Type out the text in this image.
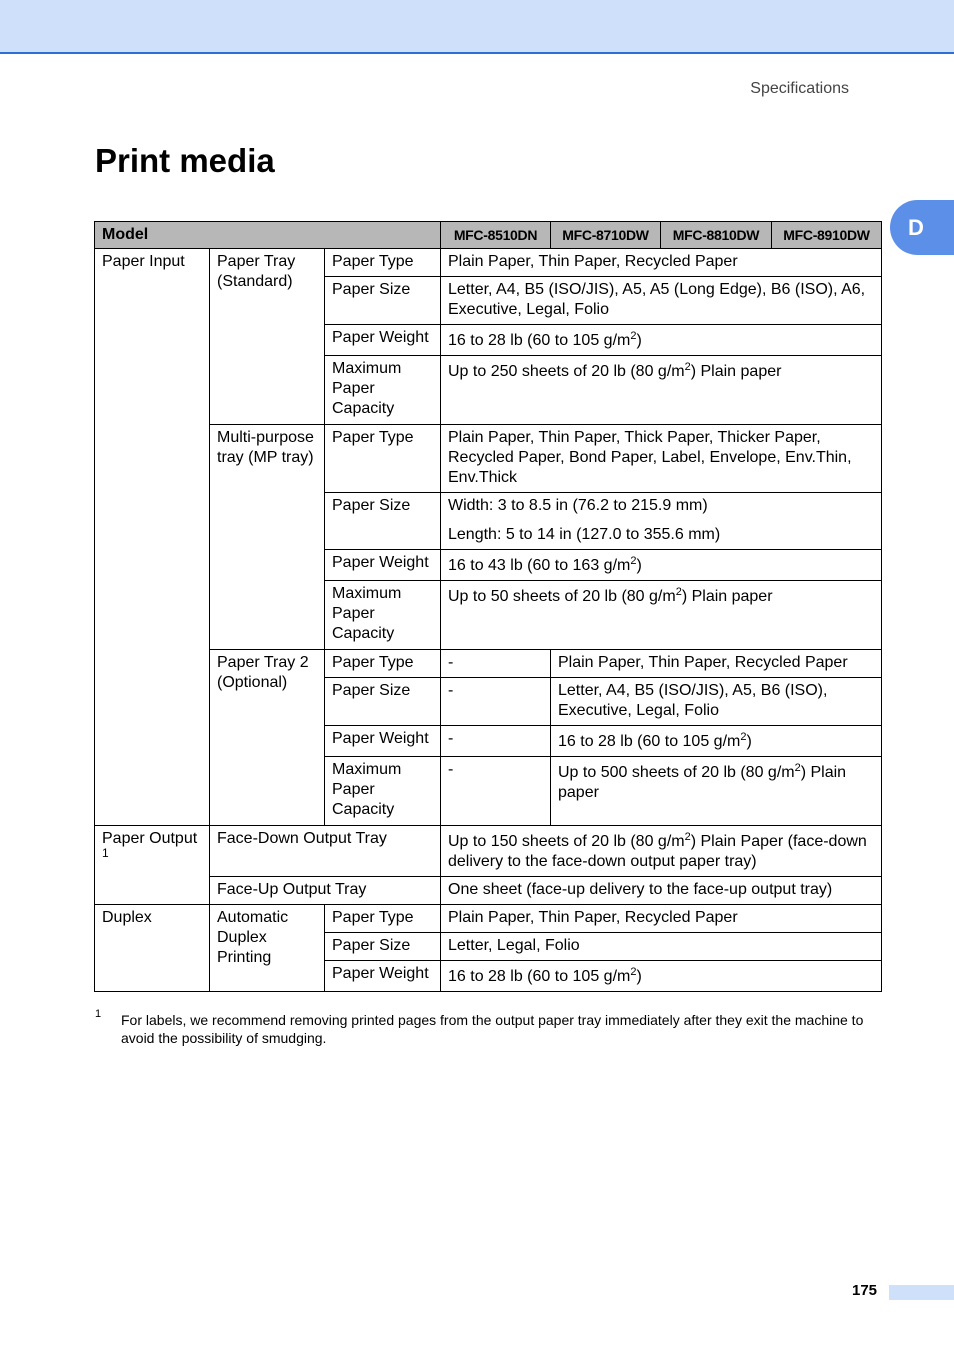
Specifications
Print media
D
Model			MFC-8510DN	MFC-8710DW	MFC-8810DW	MFC-8910DW
Paper Input	Paper Tray (Standard)	Paper Type	Plain Paper, Thin Paper, Recycled Paper			
		Paper Size	Letter, A4, B5 (ISO/JIS), A5, A5 (Long Edge), B6 (ISO), A6, Executive, Legal, Folio			
		Paper Weight	16 to 28 lb (60 to 105 $g/m^2$)			
		Maximum Paper Capacity	Up to 250 sheets of 20 lb (80 $g/m^2$) Plain paper			
	Multi-purpose tray (MP tray)	Paper Type	Plain Paper, Thin Paper, Thick Paper, Thicker Paper, Recycled Paper, Bond Paper, Label, Envelope, Env.Thin, Env.Thick			
		Paper Size	Width: 3 to 8.5 in (76.2 to 215.9 mm)
Length: 5 to 14 in (127.0 to 355.6 mm)			

		Paper Weight	16 to 43 lb (60 to 163 $g/m^2$)			
		Maximum Paper Capacity	Up to 50 sheets of 20 lb (80 $g/m^2$) Plain paper			
	Paper Tray 2 (Optional)	Paper Type	-	Plain Paper, Thin Paper, Recycled Paper		
		Paper Size	-	Letter, A4, B5 (ISO/JIS), A5, B6 (ISO), Executive, Legal, Folio		
		Paper Weight	-	16 to 28 lb (60 to 105 $g/m^2$)		
		Maximum Paper Capacity	-	Up to 500 sheets of 20 lb (80 $g/m^2$) Plain paper		
Paper Output $^1$	Face-Down Output Tray		Up to 150 sheets of 20 lb (80 $g/m^2$) Plain Paper (face-down delivery to the face-down output paper tray)			
	Face-Up Output Tray		One sheet (face-up delivery to the face-up output tray)			
Duplex	Automatic Duplex Printing	Paper Type	Plain Paper, Thin Paper, Recycled Paper			
		Paper Size	Letter, Legal, Folio			
		Paper Weight	16 to 28 lb (60 to 105 $g/m^2$)			
1 For labels, we recommend removing printed pages from the output paper tray immediately after they exit the machine to avoid the possibility of smudging.

175
